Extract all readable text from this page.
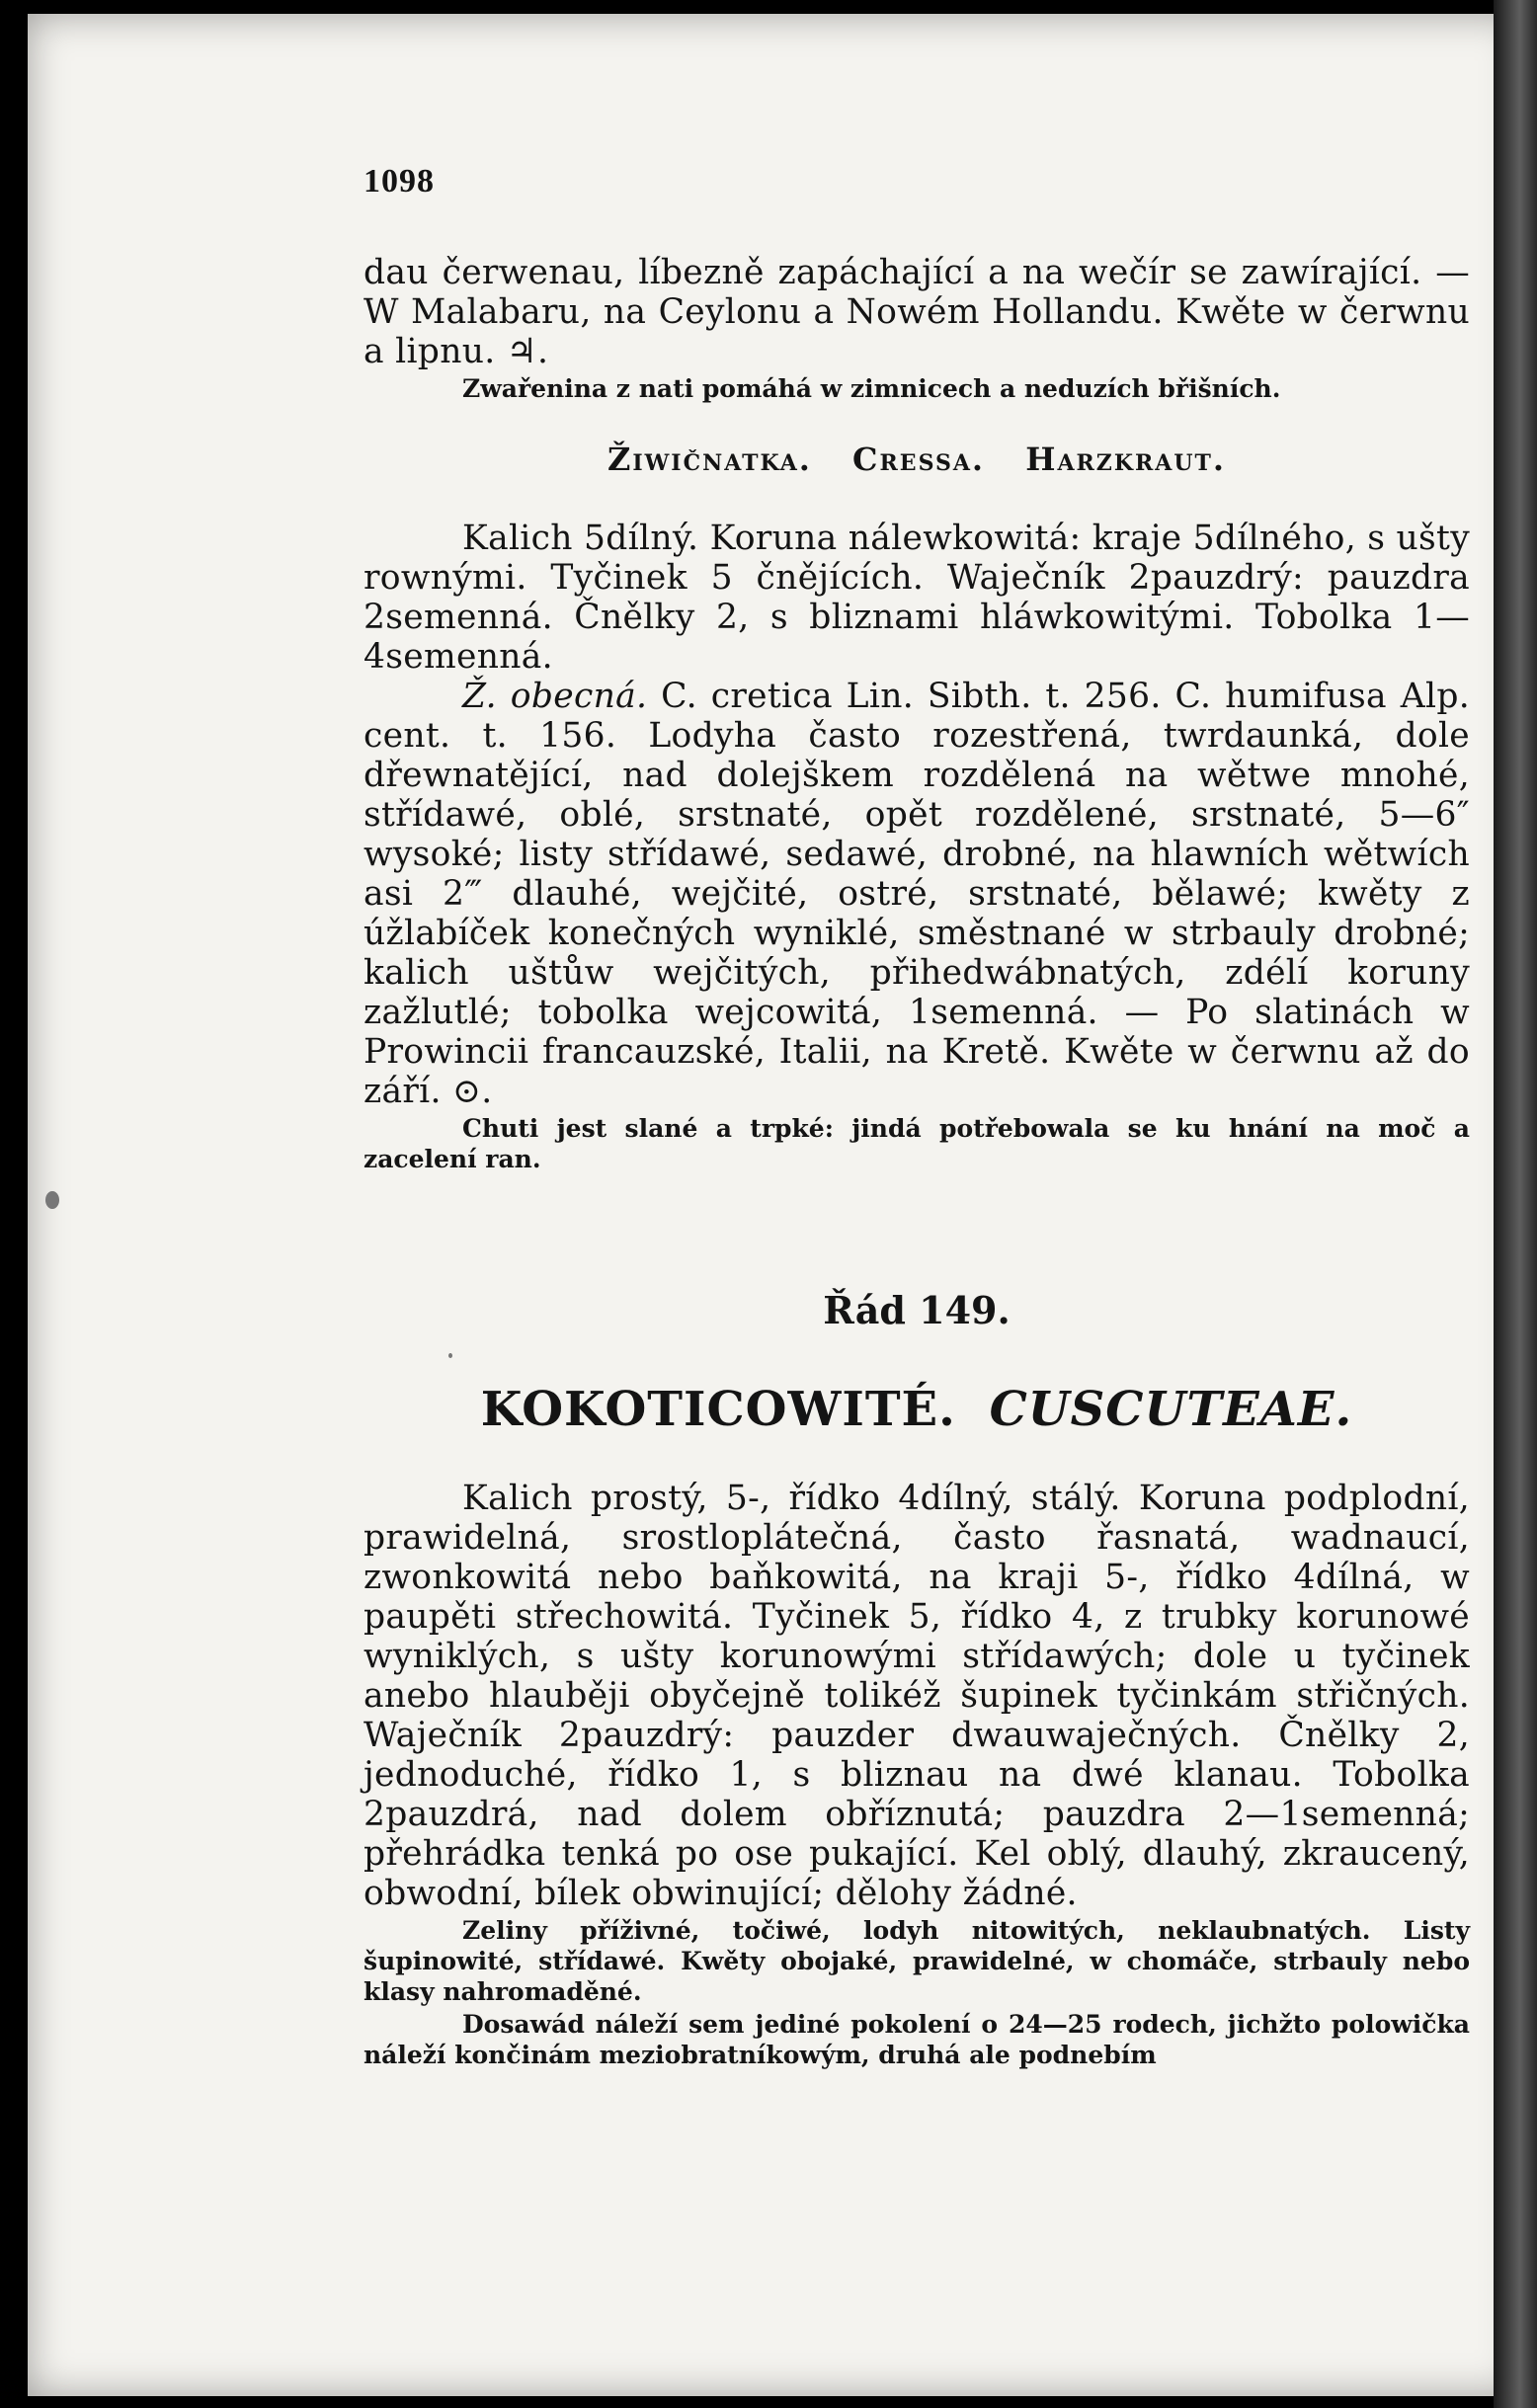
1098

dau čerwenau, líbezně zapáchající a na wečír se zawírající. — W Malabaru, na Ceylonu a Nowém Hollandu. Kwěte w čerwnu a lipnu. ♃.

Zwařenina z nati pomáhá w zimnicech a neduzích břišních.
Žiwičnatka. Cressa. Harzkraut.

Kalich 5dílný. Koruna nálewkowitá: kraje 5dílného, s ušty rownými. Tyčinek 5 čnějících. Waječník 2pauzdrý: pauzdra 2semenná. Čnělky 2, s bliznami hláwkowitými. Tobolka 1—4semenná.

Ž. obecná. C. cretica Lin. Sibth. t. 256. C. humifusa Alp. cent. t. 156. Lodyha často rozestřená, twrdaunká, dole dřewnatějící, nad dolejškem rozdělená na wětwe mnohé, střídawé, oblé, srstnaté, opět rozdělené, srstnaté, 5—6″ wysoké; listy střídawé, sedawé, drobné, na hlawních wětwích asi 2‴ dlauhé, wejčité, ostré, srstnaté, bělawé; kwěty z úžlabíček konečných wyniklé, směstnané w strbauly drobné; kalich uštůw wejčitých, přihedwábnatých, zdélí koruny zažlutlé; tobolka wejcowitá, 1semenná. — Po slatinách w Prowincii francauzské, Italii, na Kretě. Kwěte w čerwnu až do září. ⊙.

Chuti jest slané a trpké: jindá potřebowala se ku hnání na moč a zacelení ran.
Řád 149.
KOKOTICOWITÉ. CUSCUTEAE.

Kalich prostý, 5-, řídko 4dílný, stálý. Koruna podplodní, prawidelná, srostloplátečná, často řasnatá, wadnaucí, zwonkowitá nebo baňkowitá, na kraji 5-, řídko 4dílná, w paupěti střechowitá. Tyčinek 5, řídko 4, z trubky korunowé wyniklých, s ušty korunowými střídawých; dole u tyčinek anebo hlauběji obyčejně tolikéž šupinek tyčinkám střičných. Waječník 2pauzdrý: pauzder dwauwaječných. Čnělky 2, jednoduché, řídko 1, s bliznau na dwé klanau. Tobolka 2pauzdrá, nad dolem obříznutá; pauzdra 2—1semenná; přehrádka tenká po ose pukající. Kel oblý, dlauhý, zkraucený, obwodní, bílek obwinující; dělohy žádné.

Zeliny příživné, točiwé, lodyh nitowitých, neklaubnatých. Listy šupinowité, střídawé. Kwěty obojaké, prawidelné, w chomáče, strbauly nebo klasy nahromaděné.
Dosawád náleží sem jediné pokolení o 24—25 rodech, jichžto polowička náleží končinám meziobratníkowým, druhá ale podnebím
